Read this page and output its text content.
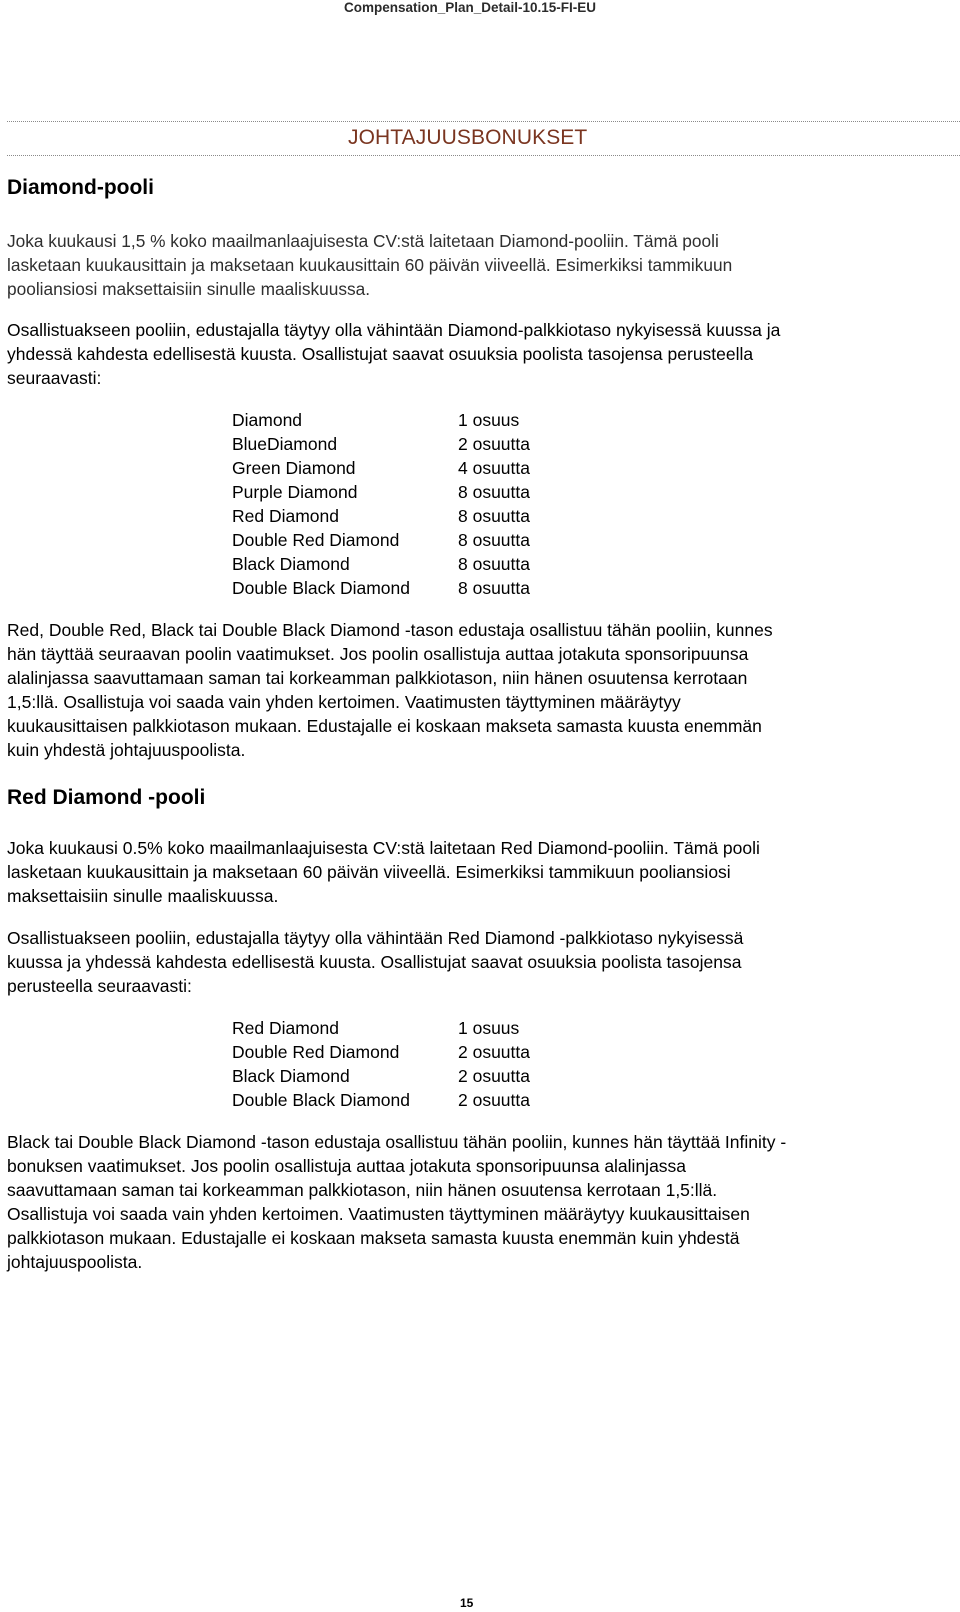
Compensation_Plan_Detail-10.15-FI-EU
JOHTAJUUSBONUKSET
Diamond-pooli

Joka kuukausi 1,5 % koko maailmanlaajuisesta CV:stä laitetaan Diamond-pooliin. Tämä pooli
lasketaan kuukausittain ja maksetaan kuukausittain 60 päivän viiveellä. Esimerkiksi tammikuun
pooliansiosi maksettaisiin sinulle maaliskuussa.

Osallistuakseen pooliin, edustajalla täytyy olla vähintään Diamond-palkkiotaso nykyisessä kuussa ja
yhdessä kahdesta edellisestä kuusta. Osallistujat saavat osuuksia poolista tasojensa perusteella
seuraavasti:

Diamond	1 osuus
BlueDiamond	2 osuutta
Green Diamond	4 osuutta
Purple Diamond	8 osuutta
Red Diamond	8 osuutta
Double Red Diamond	8 osuutta
Black Diamond	8 osuutta
Double Black Diamond	8 osuutta

Red, Double Red, Black tai Double Black Diamond -tason edustaja osallistuu tähän pooliin, kunnes
hän täyttää seuraavan poolin vaatimukset. Jos poolin osallistuja auttaa jotakuta sponsoripuunsa
alalinjassa saavuttamaan saman tai korkeamman palkkiotason, niin hänen osuutensa kerrotaan
1,5:llä. Osallistuja voi saada vain yhden kertoimen. Vaatimusten täyttyminen määräytyy
kuukausittaisen palkkiotason mukaan. Edustajalle ei koskaan makseta samasta kuusta enemmän
kuin yhdestä johtajuuspoolista.

Red Diamond -pooli

Joka kuukausi 0.5% koko maailmanlaajuisesta CV:stä laitetaan Red Diamond-pooliin. Tämä pooli
lasketaan kuukausittain ja maksetaan 60 päivän viiveellä. Esimerkiksi tammikuun pooliansiosi
maksettaisiin sinulle maaliskuussa.

Osallistuakseen pooliin, edustajalla täytyy olla vähintään Red Diamond -palkkiotaso nykyisessä
kuussa ja yhdessä kahdesta edellisestä kuusta. Osallistujat saavat osuuksia poolista tasojensa
perusteella seuraavasti:

Red Diamond	1 osuus
Double Red Diamond	2 osuutta
Black Diamond	2 osuutta
Double Black Diamond	2 osuutta

Black tai Double Black Diamond -tason edustaja osallistuu tähän pooliin, kunnes hän täyttää Infinity -
bonuksen vaatimukset. Jos poolin osallistuja auttaa jotakuta sponsoripuunsa alalinjassa
saavuttamaan saman tai korkeamman palkkiotason, niin hänen osuutensa kerrotaan 1,5:llä.
Osallistuja voi saada vain yhden kertoimen. Vaatimusten täyttyminen määräytyy kuukausittaisen
palkkiotason mukaan. Edustajalle ei koskaan makseta samasta kuusta enemmän kuin yhdestä
johtajuuspoolista.

15
